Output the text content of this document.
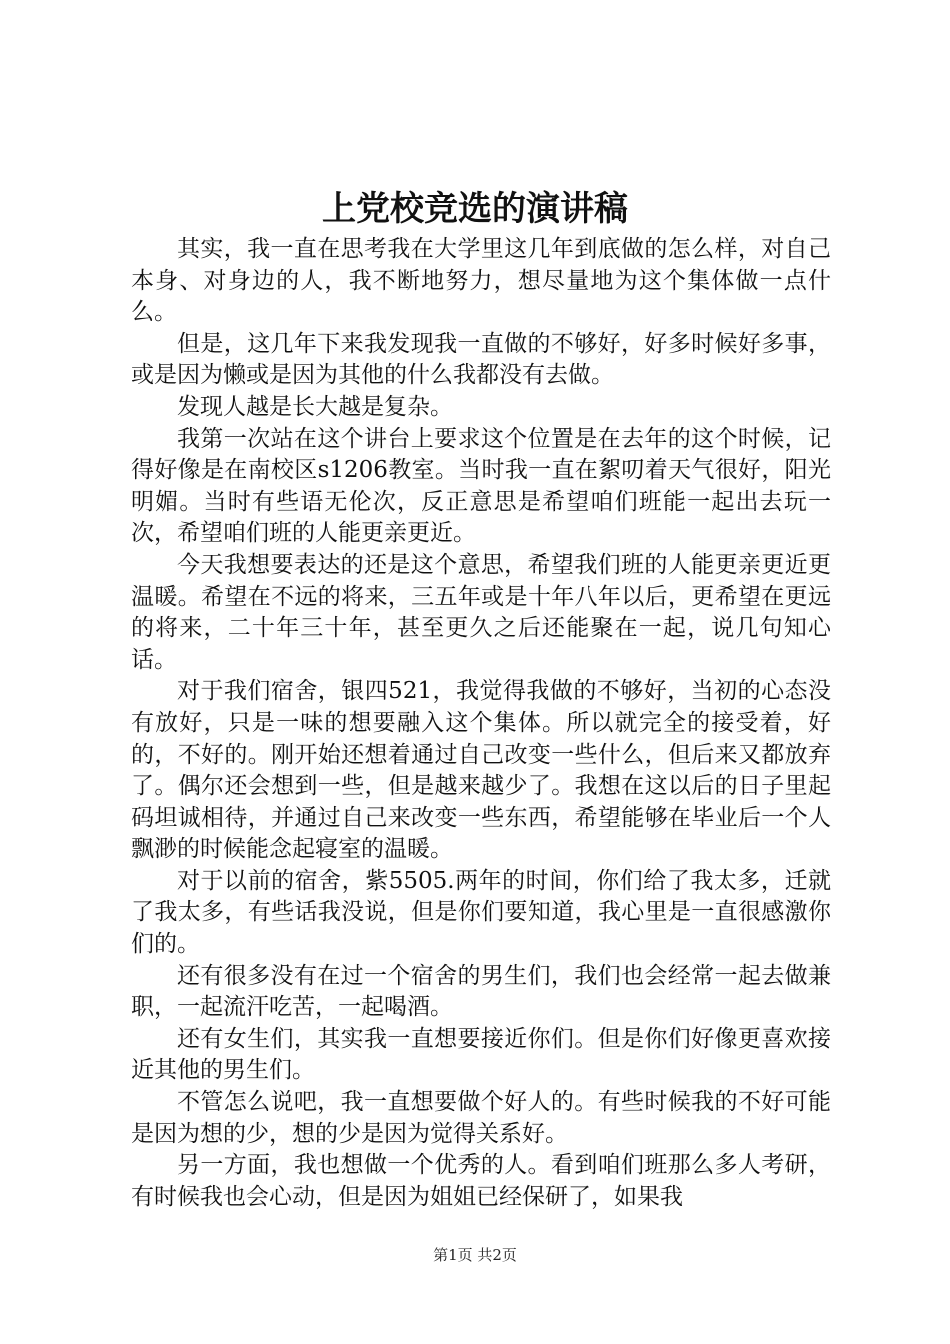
上党校竞选的演讲稿

其实，我一直在思考我在大学里这几年到底做的怎么样，对自己本身、对身边的人，我不断地努力，想尽量地为这个集体做一点什么。

但是，这几年下来我发现我一直做的不够好，好多时候好多事，或是因为懒或是因为其他的什么我都没有去做。

发现人越是长大越是复杂。

我第一次站在这个讲台上要求这个位置是在去年的这个时候，记得好像是在南校区s1206教室。当时我一直在絮叨着天气很好，阳光明媚。当时有些语无伦次，反正意思是希望咱们班能一起出去玩一次，希望咱们班的人能更亲更近。

今天我想要表达的还是这个意思，希望我们班的人能更亲更近更温暖。希望在不远的将来，三五年或是十年八年以后，更希望在更远的将来，二十年三十年，甚至更久之后还能聚在一起，说几句知心话。

对于我们宿舍，银四521，我觉得我做的不够好，当初的心态没有放好，只是一味的想要融入这个集体。所以就完全的接受着，好的，不好的。刚开始还想着通过自己改变一些什么，但后来又都放弃了。偶尔还会想到一些，但是越来越少了。我想在这以后的日子里起码坦诚相待，并通过自己来改变一些东西，希望能够在毕业后一个人飘渺的时候能念起寝室的温暖。

对于以前的宿舍，紫5505.两年的时间，你们给了我太多，迁就了我太多，有些话我没说，但是你们要知道，我心里是一直很感激你们的。

还有很多没有在过一个宿舍的男生们，我们也会经常一起去做兼职，一起流汗吃苦，一起喝酒。

还有女生们，其实我一直想要接近你们。但是你们好像更喜欢接近其他的男生们。

不管怎么说吧，我一直想要做个好人的。有些时候我的不好可能是因为想的少，想的少是因为觉得关系好。

另一方面，我也想做一个优秀的人。看到咱们班那么多人考研，有时候我也会心动，但是因为姐姐已经保研了，如果我

第1页 共2页
